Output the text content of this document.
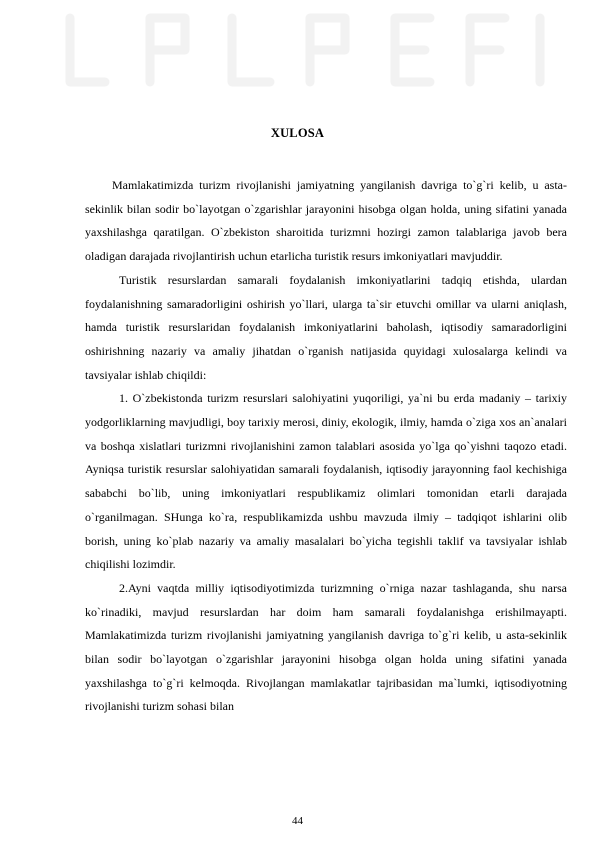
XULOSA

Mamlakatimizda turizm rivojlanishi jamiyatning yangilanish davriga to`g`ri kelib, u asta-sekinlik bilan sodir bo`layotgan o`zgarishlar jarayonini hisobga olgan holda, uning sifatini yanada yaxshilashga qaratilgan. O`zbekiston sharoitida turizmni hozirgi zamon talablariga javob bera oladigan darajada rivojlantirish uchun etarlicha turistik resurs imkoniyatlari mavjuddir.

Turistik resurslardan samarali foydalanish imkoniyatlarini tadqiq etishda, ulardan foydalanishning samaradorligini oshirish yo`llari, ularga ta`sir etuvchi omillar va ularni aniqlash, hamda turistik resurslaridan foydalanish imkoniyatlarini baholash, iqtisodiy samaradorligini oshirishning nazariy va amaliy jihatdan o`rganish natijasida quyidagi xulosalarga kelindi va tavsiyalar ishlab chiqildi:

1. O`zbekistonda turizm resurslari salohiyatini yuqoriligi, ya`ni bu erda madaniy – tarixiy yodgorliklarning mavjudligi, boy tarixiy merosi, diniy, ekologik, ilmiy, hamda o`ziga xos an`analari va boshqa xislatlari turizmni rivojlanishini zamon talablari asosida yo`lga qo`yishni taqozo etadi. Ayniqsa turistik resurslar salohiyatidan samarali foydalanish, iqtisodiy jarayonning faol kechishiga sababchi bo`lib, uning imkoniyatlari respublikamiz olimlari tomonidan etarli darajada o`rganilmagan. SHunga ko`ra, respublikamizda ushbu mavzuda ilmiy – tadqiqot ishlarini olib borish, uning ko`plab nazariy va amaliy masalalari bo`yicha tegishli taklif va tavsiyalar ishlab chiqilishi lozimdir.

2.Ayni vaqtda milliy iqtisodiyotimizda turizmning o`rniga nazar tashlaganda, shu narsa ko`rinadiki, mavjud resurslardan har doim ham samarali foydalanishga erishilmayapti. Mamlakatimizda turizm rivojlanishi jamiyatning yangilanish davriga to`g`ri kelib, u asta-sekinlik bilan sodir bo`layotgan o`zgarishlar jarayonini hisobga olgan holda uning sifatini yanada yaxshilashga to`g`ri kelmoqda. Rivojlangan mamlakatlar tajribasidan ma`lumki, iqtisodiyotning rivojlanishi turizm sohasi bilan

44
